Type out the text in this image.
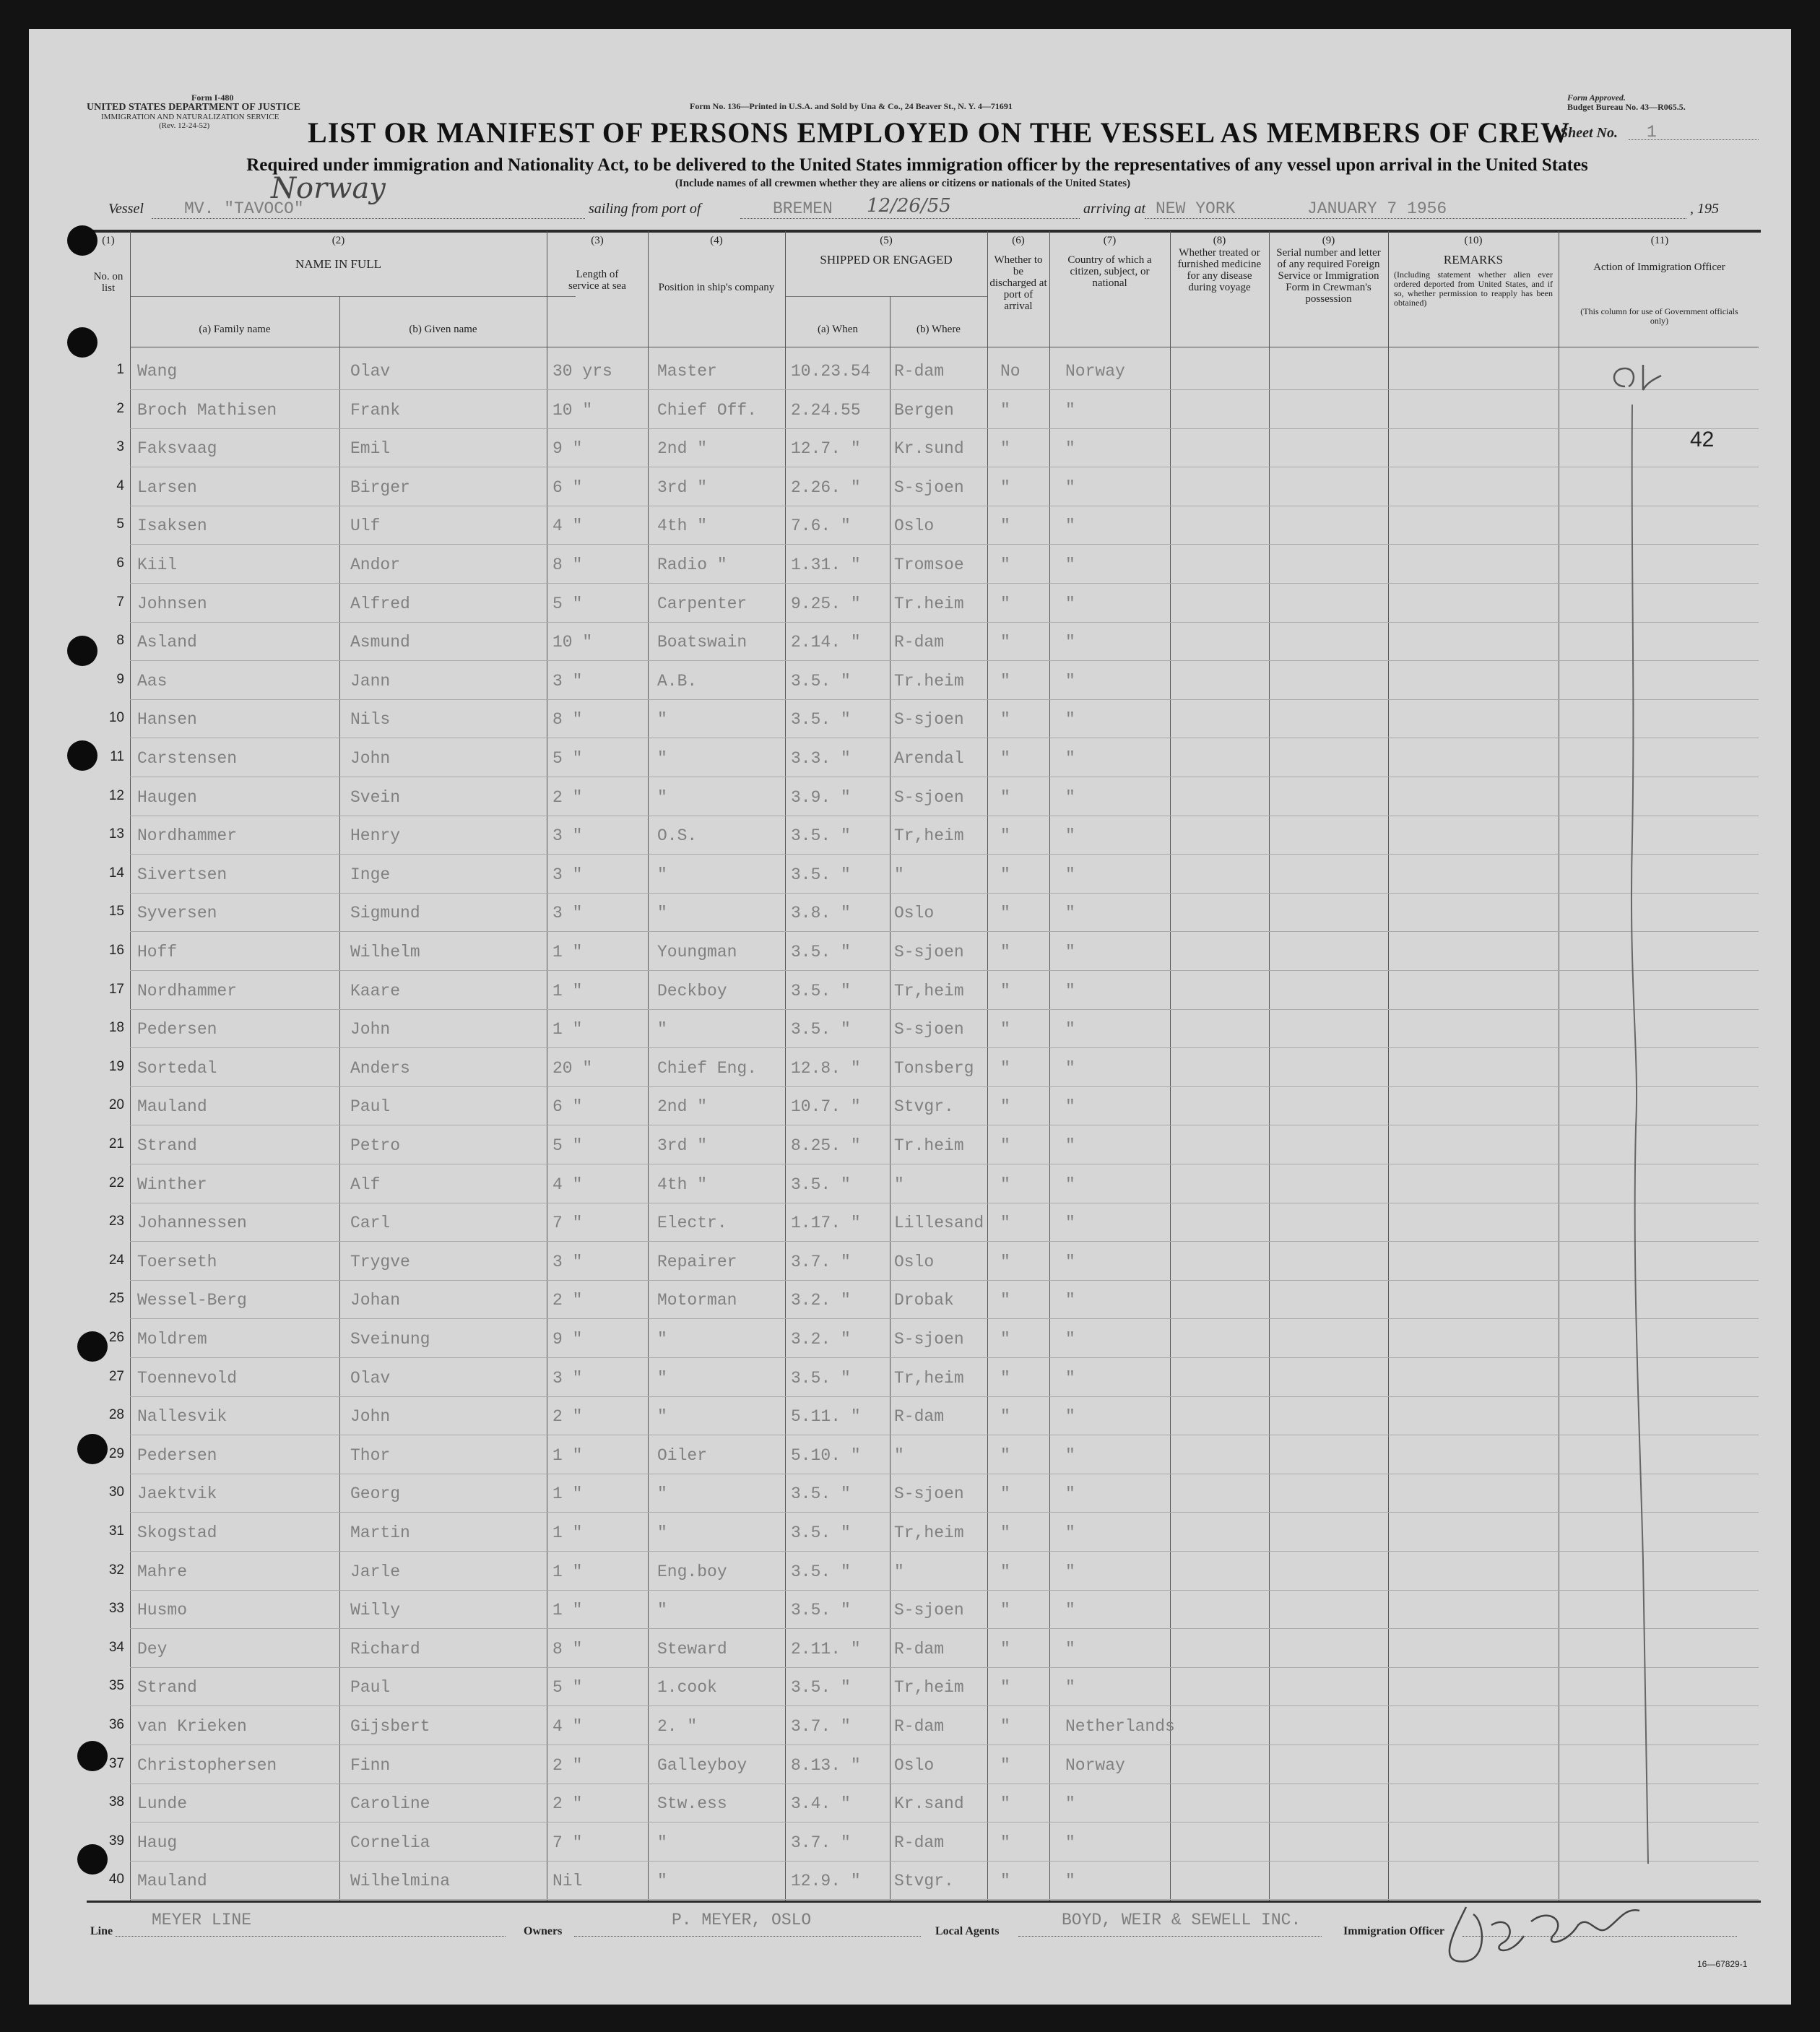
Form I-480
UNITED STATES DEPARTMENT OF JUSTICE
IMMIGRATION AND NATURALIZATION SERVICE
(Rev. 12-24-52)
Form No. 136—Printed in U.S.A. and Sold by Una & Co., 24 Beaver St., N. Y. 4—71691
Form Approved.
Budget Bureau No. 43—R065.5.
LIST OR MANIFEST OF PERSONS EMPLOYED ON THE VESSEL AS MEMBERS OF CREW
Sheet No. 1
Required under immigration and Nationality Act, to be delivered to the United States immigration officer by the representatives of any vessel upon arrival in the United States
(Include names of all crewmen whether they are aliens or citizens or nationals of the United States)
Vessel MV. "TAVOCO"
Norway
sailing from port of	BREMEN 12/26/55	arriving at NEW YORK	JANUARY 7 1956	, 195
(1)
No. on list
(2)
NAME IN FULL
(a) Family name	(b) Given name
(3)
Length of service at sea
(4)
Position in ship's company
(5)
SHIPPED OR ENGAGED
(a) When	(b) Where
(6)
Whether to be discharged at port of arrival
(7)
Country of which a citizen, subject, or national
(8)
Whether treated or furnished medicine for any disease during voyage
(9)
Serial number and letter of any required Foreign Service or Immigration Form in Crewman's possession
(10)
REMARKS
(Including statement whether alien ever ordered deported from United States, and if so, whether permission to reapply has been obtained)
(11)
Action of Immigration Officer
(This column for use of Government officials only)
1 Wang	Olav	30 yrs	Master	10.23.54	R-dam	No	Norway
2 Broch Mathisen	Frank	10 "	Chief Off.	2.24.55	Bergen	"	"
3 Faksvaag	Emil	9 "	2nd "	12.7. "	Kr.sund	"	"
4 Larsen	Birger	6 "	3rd "	2.26. "	S-sjoen	"	"
5 Isaksen	Ulf	4 "	4th "	7.6. "	Oslo	"	"
6 Kiil	Andor	8 "	Radio "	1.31. "	Tromsoe	"	"
7 Johnsen	Alfred	5 "	Carpenter	9.25. "	Tr.heim	"	"
8 Asland	Asmund	10 "	Boatswain	2.14. "	R-dam	"	"
9 Aas	Jann	3 "	A.B.	3.5. "	Tr.heim	"	"
10 Hansen	Nils	8 "	"	3.5. "	S-sjoen	"	"
11 Carstensen	John	5 "	"	3.3. "	Arendal	"	"
12 Haugen	Svein	2 "	"	3.9. "	S-sjoen	"	"
13 Nordhammer	Henry	3 "	O.S.	3.5. "	Tr,heim	"	"
14 Sivertsen	Inge	3 "	"	3.5. "	"	"	"
15 Syversen	Sigmund	3 "	"	3.8. "	Oslo	"	"
16 Hoff	Wilhelm	1 "	Youngman	3.5. "	S-sjoen	"	"
17 Nordhammer	Kaare	1 "	Deckboy	3.5. "	Tr,heim	"	"
18 Pedersen	John	1 "	"	3.5. "	S-sjoen	"	"
19 Sortedal	Anders	20 "	Chief Eng.	12.8. "	Tonsberg	"	"
20 Mauland	Paul	6 "	2nd "	10.7. "	Stvgr.	"	"
21 Strand	Petro	5 "	3rd "	8.25. "	Tr.heim	"	"
22 Winther	Alf	4 "	4th "	3.5. "	"	"	"
23 Johannessen	Carl	7 "	Electr.	1.17. "	Lillesand "	"
24 Toerseth	Trygve	3 "	Repairer	3.7. "	Oslo	"	"
25 Wessel-Berg	Johan	2 "	Motorman	3.2. "	Drobak	"	"
26 Moldrem	Sveinung	9 "	"	3.2. "	S-sjoen	"	"
27 Toennevold	Olav	3 "	"	3.5. "	Tr,heim	"	"
28 Nallesvik	John	2 "	"	5.11. "	R-dam	"	"
29 Pedersen	Thor	1 "	Oiler	5.10. "	"	"	"
30 Jaektvik	Georg	1 "	"	3.5. "	S-sjoen	"	"
31 Skogstad	Martin	1 "	"	3.5. "	Tr,heim	"	"
32 Mahre	Jarle	1 "	Eng.boy	3.5. "	"	"	"
33 Husmo	Willy	1 "	"	3.5. "	S-sjoen	"	"
34 Dey	Richard	8 "	Steward	2.11. "	R-dam	"	"
35 Strand	Paul	5 "	1.cook	3.5. "	Tr,heim	"	"
36 van Krieken	Gijsbert	4 "	2. "	3.7. "	R-dam	"	Netherlands
37 Christophersen	Finn	2 "	Galleyboy	8.13. "	Oslo	"	Norway
38 Lunde	Caroline	2 "	Stw.ess	3.4. "	Kr.sand	"	"
39 Haug	Cornelia	7 "	"	3.7. "	R-dam	"	"
40 Mauland	Wilhelmina	Nil	"	12.9. "	Stvgr.	"	"
42
Line
MEYER LINE
Owners
P. MEYER, OSLO
Local Agents
BOYD, WEIR & SEWELL INC.
Immigration Officer
16—67829-1
